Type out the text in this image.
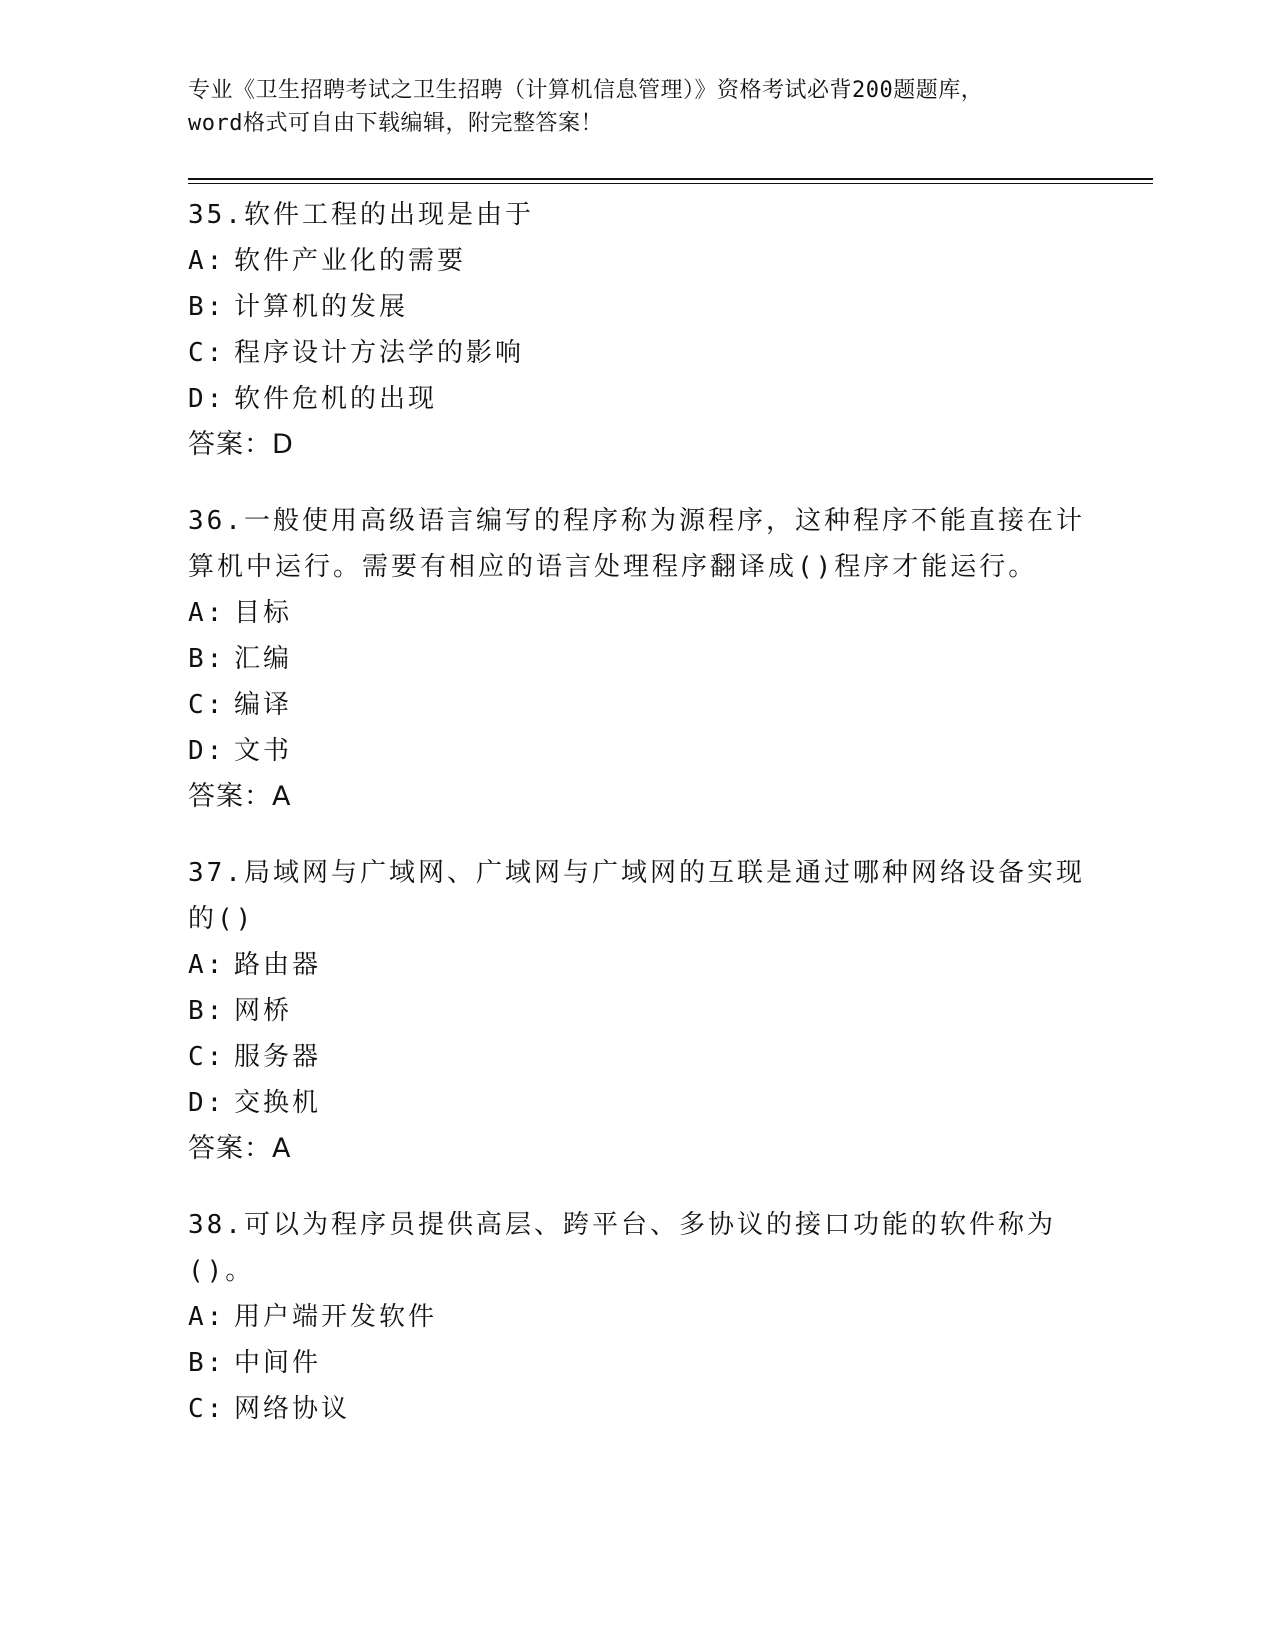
专业《卫生招聘考试之卫生招聘（计算机信息管理）》资格考试必背200题题库，
word格式可自由下载编辑，附完整答案！
35.软件工程的出现是由于
A: 软件产业化的需要
B: 计算机的发展
C: 程序设计方法学的影响
D: 软件危机的出现
答案：D
36.一般使用高级语言编写的程序称为源程序，这种程序不能直接在计算机中运行。需要有相应的语言处理程序翻译成()程序才能运行。
A: 目标
B: 汇编
C: 编译
D: 文书
答案：A
37.局域网与广域网、广域网与广域网的互联是通过哪种网络设备实现的()
A: 路由器
B: 网桥
C: 服务器
D: 交换机
答案：A
38.可以为程序员提供高层、跨平台、多协议的接口功能的软件称为()。
A: 用户端开发软件
B: 中间件
C: 网络协议
